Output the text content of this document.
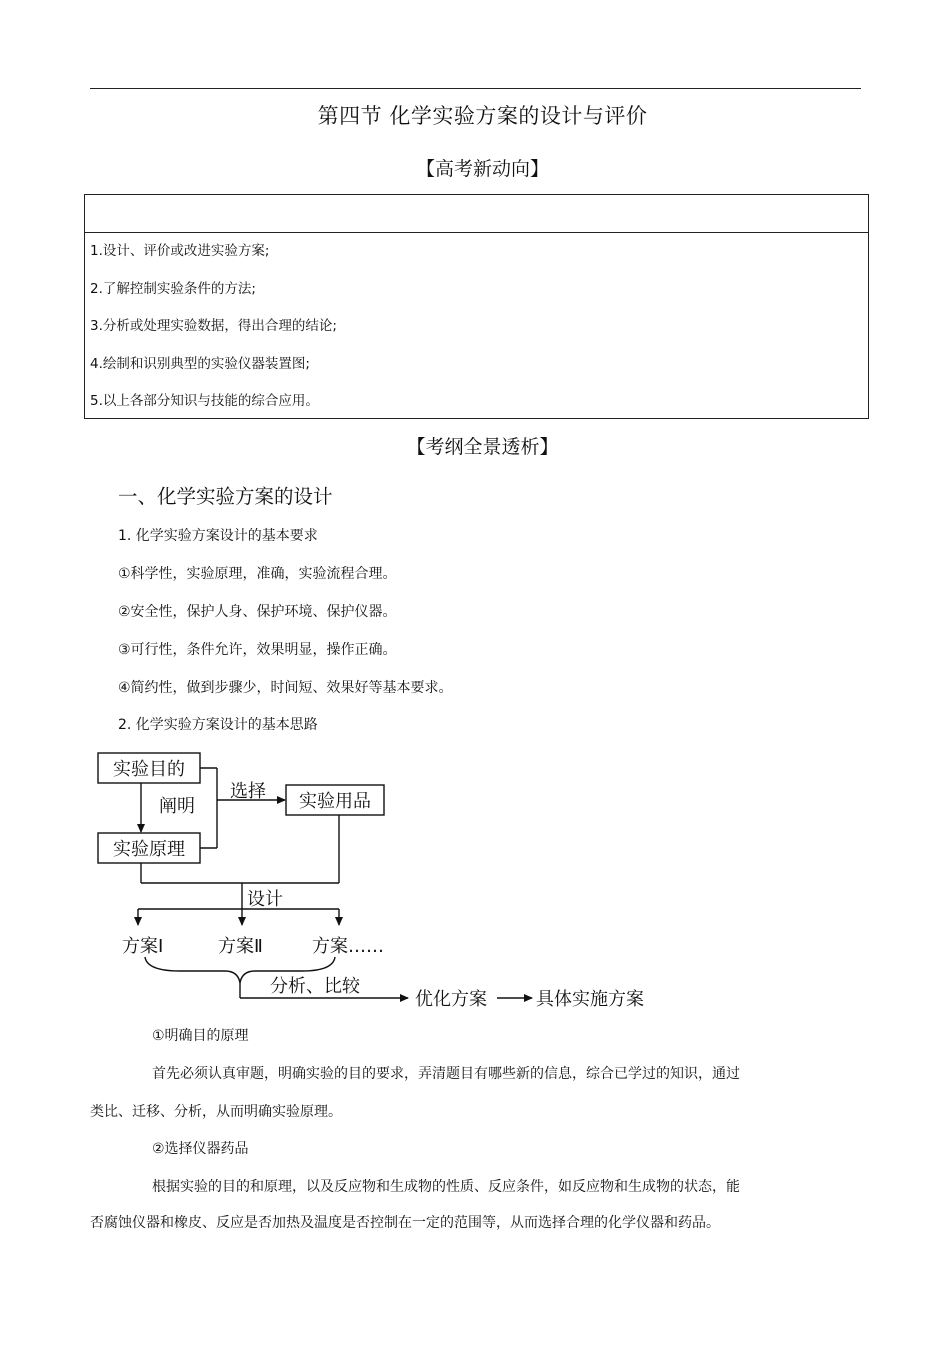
第四节 化学实验方案的设计与评价
【高考新动向】
1.设计、评价或改进实验方案;
2.了解控制实验条件的方法;
3.分析或处理实验数据，得出合理的结论;
4.绘制和识别典型的实验仪器装置图;
5.以上各部分知识与技能的综合应用。
【考纲全景透析】
一、化学实验方案的设计
1. 化学实验方案设计的基本要求
①科学性，实验原理，准确，实验流程合理。
②安全性，保护人身、保护环境、保护仪器。
③可行性，条件允许，效果明显，操作正确。
④简约性，做到步骤少，时间短、效果好等基本要求。
2. 化学实验方案设计的基本思路
实验目的
实验原理
实验用品
阐明
选择
设计
方案Ⅰ	方案Ⅱ	方案……
分析、比较
优化方案	具体实施方案
①明确目的原理
首先必须认真审题，明确实验的目的要求，弄清题目有哪些新的信息，综合已学过的知识，通过
类比、迁移、分析，从而明确实验原理。
②选择仪器药品
根据实验的目的和原理，以及反应物和生成物的性质、反应条件，如反应物和生成物的状态，能
否腐蚀仪器和橡皮、反应是否加热及温度是否控制在一定的范围等，从而选择合理的化学仪器和药品。
